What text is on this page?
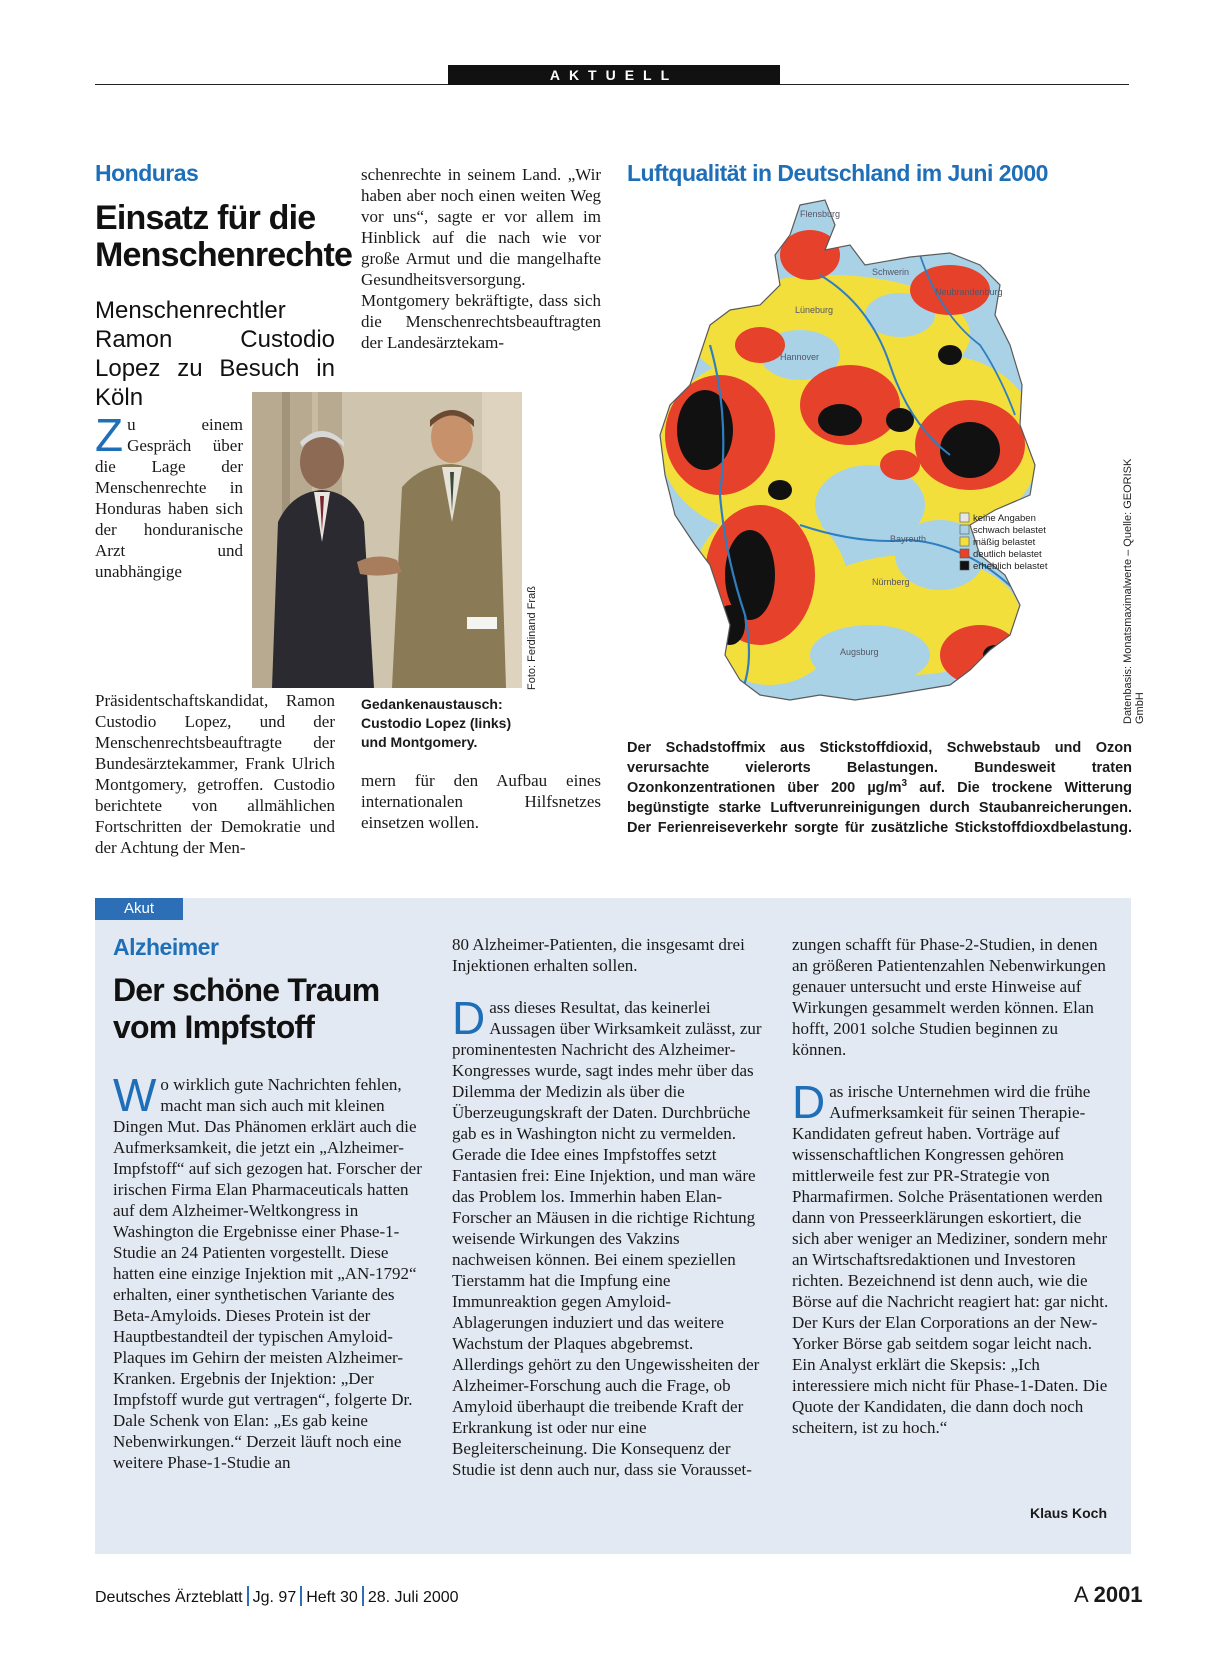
AKTUELL
Honduras
Einsatz für die
Menschenrechte
Menschenrechtler Ramon Custodio Lopez zu Besuch in Köln
Zu einem Gespräch über die Lage der Menschenrechte in Honduras haben sich der honduranische Arzt und unabhängige Präsidentschaftskandidat, Ramon Custodio Lopez, und der Menschenrechtsbeauftragte der Bundesärztekammer, Frank Ulrich Montgomery, getroffen. Custodio berichtete von allmählichen Fortschritten der Demokratie und der Achtung der Men-
schenrechte in seinem Land. „Wir haben aber noch einen weiten Weg vor uns“, sagte er vor allem im Hinblick auf die nach wie vor große Armut und die mangelhafte Gesundheitsversorgung. Montgomery bekräftigte, dass sich die Menschenrechtsbeauftragten der Landesärztekam-
Foto: Ferdinand Fraß
Gedankenaustausch: Custodio Lopez (links) und Montgomery.
mern für den Aufbau eines internationalen Hilfsnetzes einsetzen wollen.
Luftqualität in Deutschland im Juni 2000
Flensburg
Lüneburg
Hannover
Neubrandenburg
Schwerin
Bayreuth
Augsburg
Nürnberg
keine Angaben
schwach belastet
mäßig belastet
deutlich belastet
erheblich belastet	Datenbasis: Monatsmaximalwerte – Quelle: GEORISK GmbH
Der Schadstoffmix aus Stickstoffdioxid, Schwebstaub und Ozon verursachte vielerorts Belastungen. Bundesweit traten Ozonkonzentrationen über 200 $\mu g/m^3$ auf. Die trockene Witterung begünstigte starke Luftverunreinigungen durch Staubanreicherungen. Der Ferienreiseverkehr sorgte für zusätzliche Stickstoffdioxdbelastung.
Akut
Alzheimer
Der schöne Traum
vom Impfstoff
Wo wirklich gute Nachrichten fehlen, macht man sich auch mit kleinen Dingen Mut. Das Phänomen erklärt auch die Aufmerksamkeit, die jetzt ein „Alzheimer-Impfstoff“ auf sich gezogen hat. Forscher der irischen Firma Elan Pharmaceuticals hatten auf dem Alzheimer-Weltkongress in Washington die Ergebnisse einer Phase-1-Studie an 24 Patienten vorgestellt. Diese hatten eine einzige Injektion mit „AN-1792“ erhalten, einer synthetischen Variante des Beta-Amyloids. Dieses Protein ist der Hauptbestandteil der typischen Amyloid-Plaques im Gehirn der meisten Alzheimer-Kranken. Ergebnis der Injektion: „Der Impfstoff wurde gut vertragen“, folgerte Dr. Dale Schenk von Elan: „Es gab keine Nebenwirkungen.“ Derzeit läuft noch eine weitere Phase-1-Studie an

80 Alzheimer-Patienten, die insgesamt drei Injektionen erhalten sollen.

Dass dieses Resultat, das keinerlei Aussagen über Wirksamkeit zulässt, zur prominentesten Nachricht des Alzheimer-Kongresses wurde, sagt indes mehr über das Dilemma der Medizin als über die Überzeugungskraft der Daten. Durchbrüche gab es in Washington nicht zu vermelden. Gerade die Idee eines Impfstoffes setzt Fantasien frei: Eine Injektion, und man wäre das Problem los. Immerhin haben Elan-Forscher an Mäusen in die richtige Richtung weisende Wirkungen des Vakzins nachweisen können. Bei einem speziellen Tierstamm hat die Impfung eine Immunreaktion gegen Amyloid-Ablagerungen induziert und das weitere Wachstum der Plaques abgebremst. Allerdings gehört zu den Ungewissheiten der Alzheimer-Forschung auch die Frage, ob Amyloid überhaupt die treibende Kraft der Erkrankung ist oder nur eine Begleiterscheinung. Die Konsequenz der Studie ist denn auch nur, dass sie Vorausset-

zungen schafft für Phase-2-Studien, in denen an größeren Patientenzahlen Nebenwirkungen genauer untersucht und erste Hinweise auf Wirkungen gesammelt werden können. Elan hofft, 2001 solche Studien beginnen zu können.

Das irische Unternehmen wird die frühe Aufmerksamkeit für seinen Therapie-Kandidaten gefreut haben. Vorträge auf wissenschaftlichen Kongressen gehören mittlerweile fest zur PR-Strategie von Pharmafirmen. Solche Präsentationen werden dann von Presseerklärungen eskortiert, die sich aber weniger an Mediziner, sondern mehr an Wirtschaftsredaktionen und Investoren richten. Bezeichnend ist denn auch, wie die Börse auf die Nachricht reagiert hat: gar nicht. Der Kurs der Elan Corporations an der New-Yorker Börse gab seitdem sogar leicht nach. Ein Analyst erklärt die Skepsis: „Ich interessiere mich nicht für Phase-1-Daten. Die Quote der Kandidaten, die dann doch noch scheitern, ist zu hoch.“

Klaus Koch
Deutsches Ärzteblatt Jg. 97 Heft 30 28. Juli 2000	A 2001
